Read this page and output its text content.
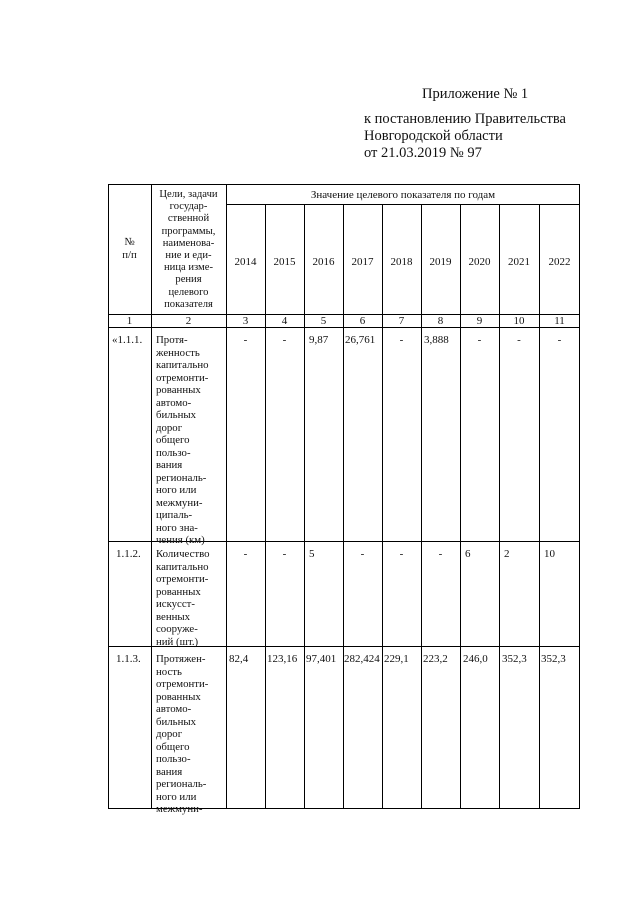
Приложение № 1
к постановлению Правительства
Новгородской области
от 21.03.2019 № 97
№
п/п
Цели, задачи
государ-
ственной
программы,
наименова-
ние и еди-
ница изме-
рения
целевого
показателя
Значение целевого показателя по годам
2014	2015	2016	2017	2018	2019	2020	2021	2022
1	2	3	4	5	6	7	8	9	10	11
«1.1.1. Протя-
женность
капитально
отремонти-
рованных
автомо-
бильных
дорог
общего
пользо-
вания
региональ-
ного или
межмуни-
ципаль-
ного зна-
чения (км)
-	-	9,87 26,761	-	3,888	-	-	-
1.1.2. Количество
капитально
отремонти-
рованных
искусст-
венных
сооруже-
ний (шт.)
-	-	5	-	-	-	6	2	10
1.1.3. Протяжен-
ность
отремонти-
рованных
автомо-
бильных
дорог
общего
пользо-
вания
региональ-
ного или
межмуни-
82,4 123,16 97,401 282,424 229,1 223,2 246,0 352,3 352,3
